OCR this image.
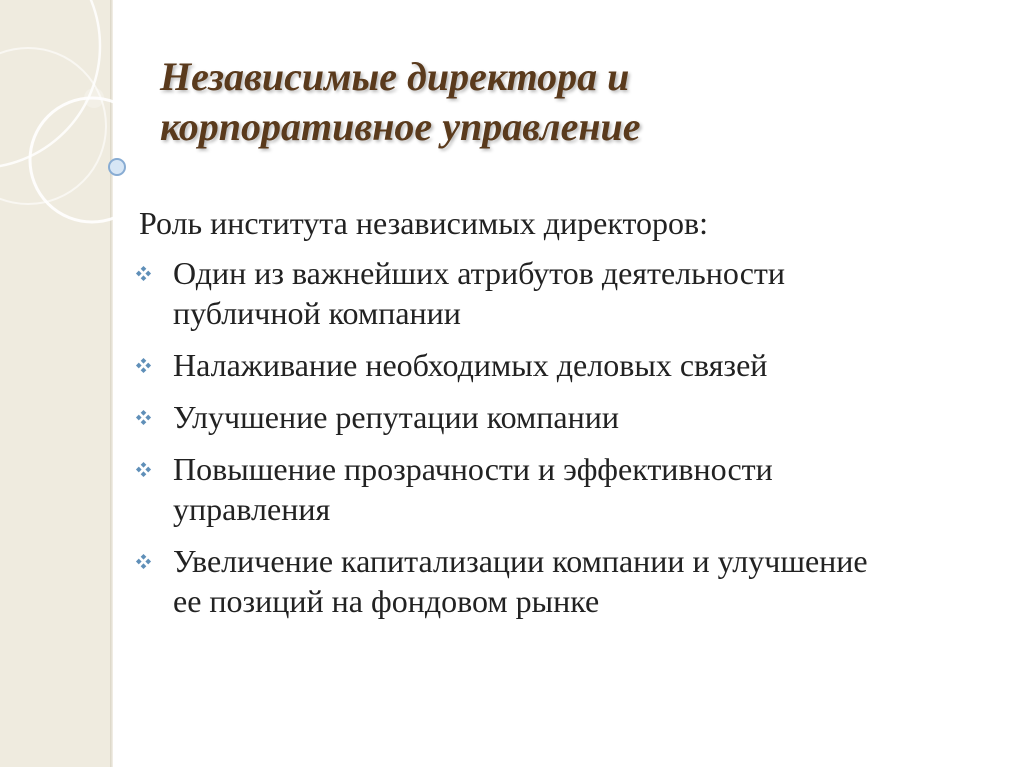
Независимые директора и
корпоративное управление
Роль института независимых директоров:
Один из важнейших атрибутов деятельности
публичной компании
Налаживание необходимых деловых связей
Улучшение репутации компании
Повышение прозрачности и эффективности
управления
Увеличение капитализации компании и улучшение
ее позиций на фондовом рынке
